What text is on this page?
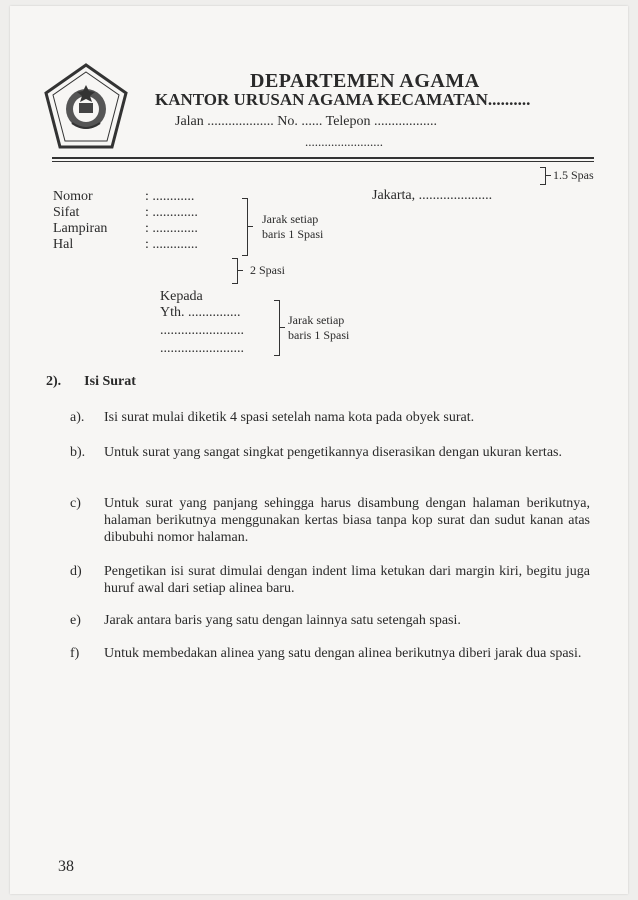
DEPARTEMEN AGAMA
KANTOR URUSAN AGAMA KECAMATAN..........
Jalan ................... No. ...... Telepon ..................
........................
1.5 Spas
Jakarta, .....................
Nomor	: ............
Sifat	: .............
Lampiran	: .............
Hal	: .............
Jarak setiap
baris 1 Spasi
2 Spasi
Kepada
Yth. ...............
........................
........................
Jarak setiap
baris 1 Spasi
2). Isi Surat
a). Isi surat mulai diketik 4 spasi setelah nama kota pada obyek surat.
b). Untuk surat yang sangat singkat pengetikannya diserasikan dengan ukuran kertas.
c) Untuk surat yang panjang sehingga harus disambung dengan halaman berikutnya, halaman berikutnya menggunakan kertas biasa tanpa kop surat dan sudut kanan atas dibubuhi nomor halaman.
d) Pengetikan isi surat dimulai dengan indent lima ketukan dari margin kiri, begitu juga huruf awal dari setiap alinea baru.
e) Jarak antara baris yang satu dengan lainnya satu setengah spasi.
f) Untuk membedakan alinea yang satu dengan alinea berikutnya diberi jarak dua spasi.
38
